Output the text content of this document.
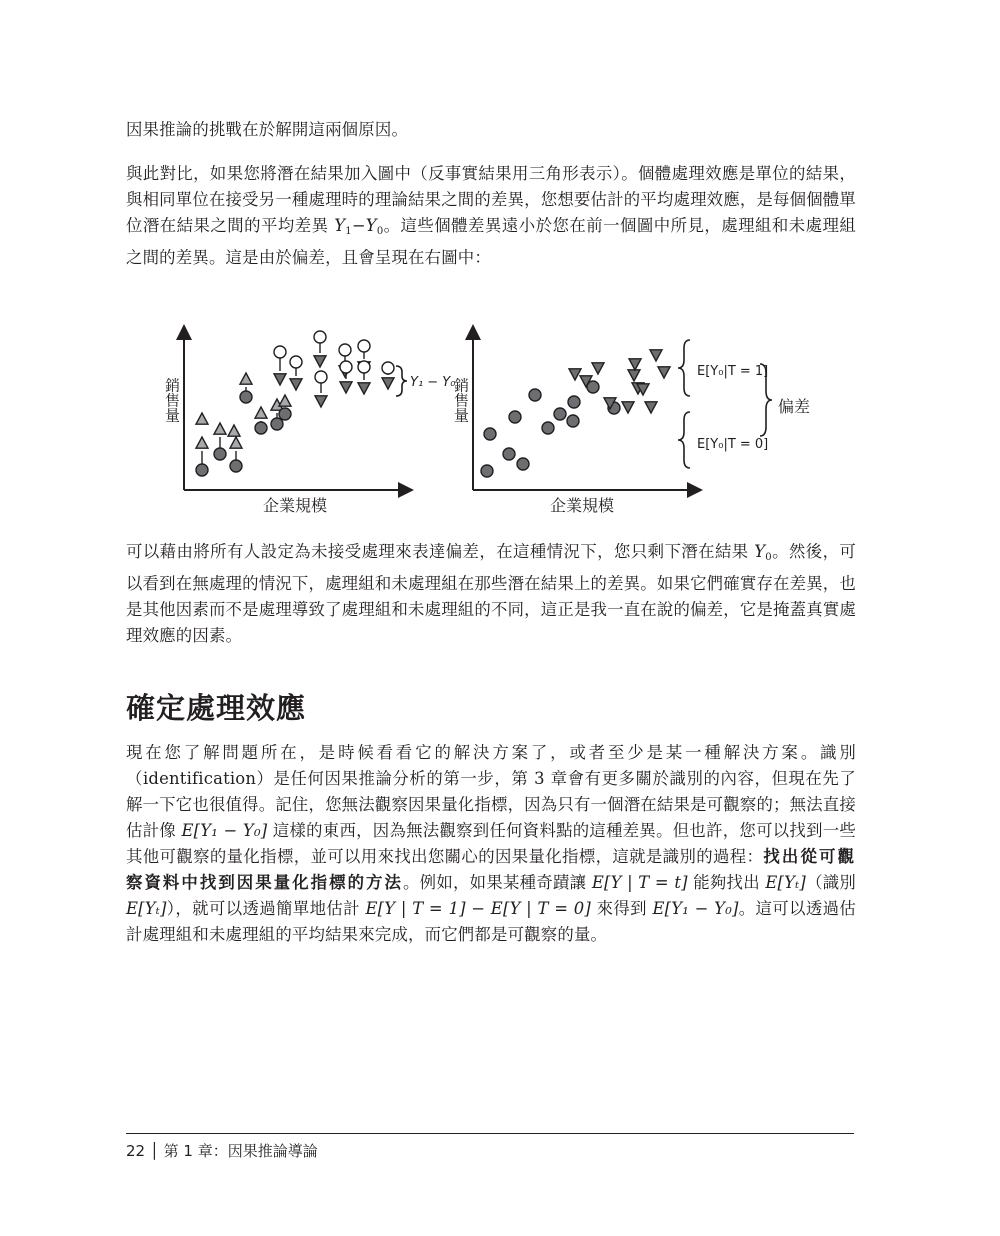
因果推論的挑戰在於解開這兩個原因。

與此對比，如果您將潛在結果加入圖中（反事實結果用三角形表示）。個體處理效應是單位的結果，與相同單位在接受另一種處理時的理論結果之間的差異，您想要估計的平均處理效應，是每個個體單位潛在結果之間的平均差異 $Y_1-Y_0$。這些個體差異遠小於您在前一個圖中所見，處理組和未處理組之間的差異。這是由於偏差，且會呈現在右圖中：

銷售量
企業規模
Y₁ − Y₀
銷售量
企業規模
E[Y₀|T = 1]
E[Y₀|T = 0]
偏差

可以藉由將所有人設定為未接受處理來表達偏差，在這種情況下，您只剩下潛在結果 $Y_0$。然後，可以看到在無處理的情況下，處理組和未處理組在那些潛在結果上的差異。如果它們確實存在差異，也是其他因素而不是處理導致了處理組和未處理組的不同，這正是我一直在說的偏差，它是掩蓋真實處理效應的因素。

確定處理效應

現在您了解問題所在，是時候看看它的解決方案了，或者至少是某一種解決方案。識別（identification）是任何因果推論分析的第一步，第 3 章會有更多關於識別的內容，但現在先了解一下它也很值得。記住，您無法觀察因果量化指標，因為只有一個潛在結果是可觀察的；無法直接估計像 E[Y₁ − Y₀] 這樣的東西，因為無法觀察到任何資料點的這種差異。但也許，您可以找到一些其他可觀察的量化指標，並可以用來找出您關心的因果量化指標，這就是識別的過程：找出從可觀察資料中找到因果量化指標的方法。例如，如果某種奇蹟讓 E[Y | T = t] 能夠找出 E[Yₜ]（識別 E[Yₜ]），就可以透過簡單地估計 E[Y | T = 1] − E[Y | T = 0] 來得到 E[Y₁ − Y₀]。這可以透過估計處理組和未處理組的平均結果來完成，而它們都是可觀察的量。

22 │ 第 1 章：因果推論導論
